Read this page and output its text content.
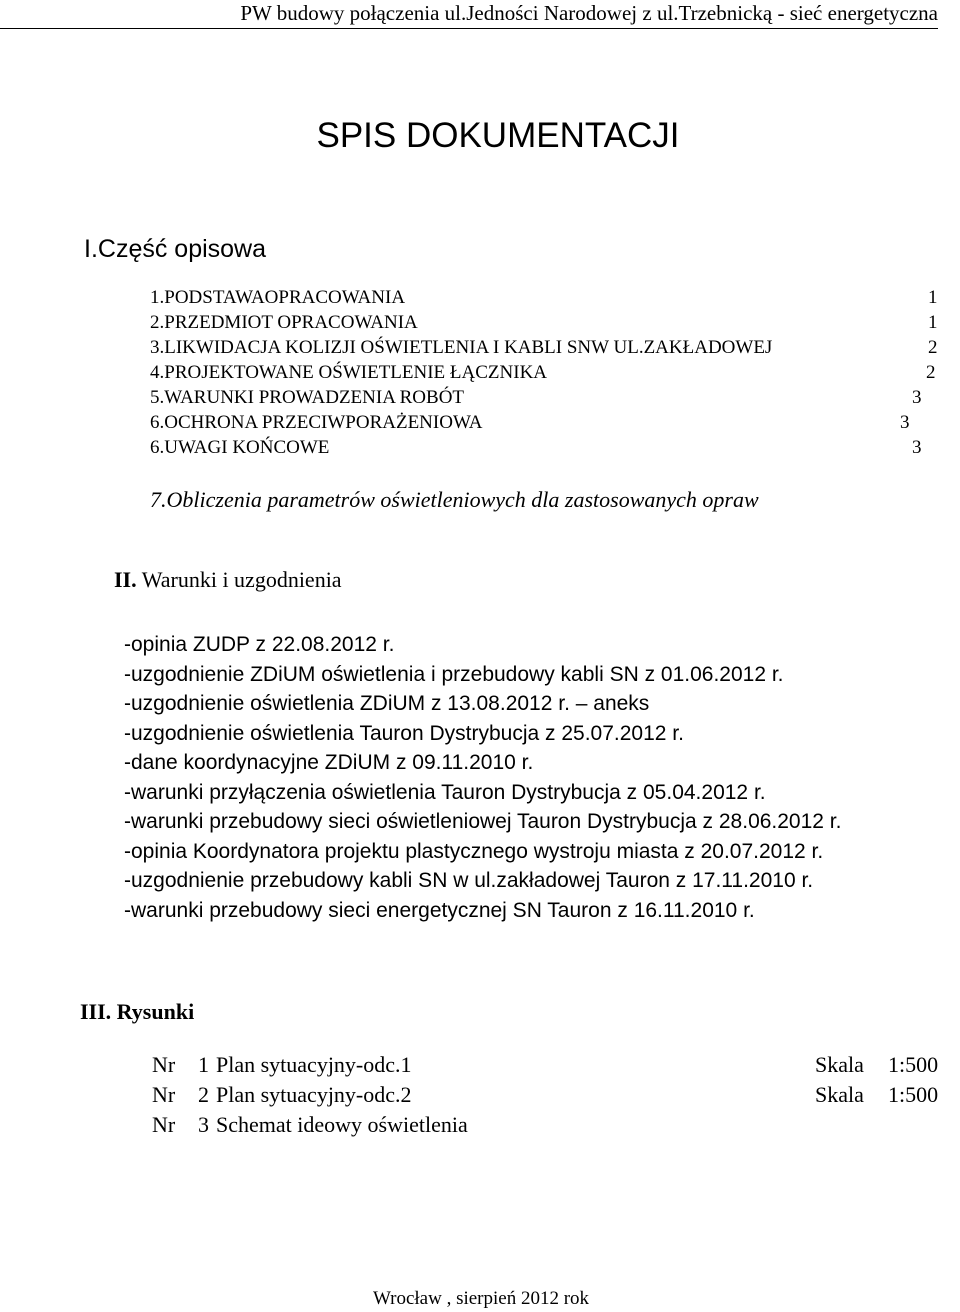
PW budowy połączenia ul.Jedności Narodowej z ul.Trzebnicką - sieć energetyczna
SPIS DOKUMENTACJI
I.Część opisowa
1.PODSTAWAOPRACOWANIA	1
2.PRZEDMIOT OPRACOWANIA	1
3.LIKWIDACJA KOLIZJI OŚWIETLENIA I KABLI SNW UL.ZAKŁADOWEJ	2
4.PROJEKTOWANE OŚWIETLENIE ŁĄCZNIKA	2
5.WARUNKI PROWADZENIA ROBÓT	3
6.OCHRONA PRZECIWPORAŻENIOWA	3
6.UWAGI KOŃCOWE	3
7.Obliczenia parametrów oświetleniowych dla zastosowanych opraw
II. Warunki i uzgodnienia
-opinia ZUDP z 22.08.2012 r.
-uzgodnienie ZDiUM oświetlenia i przebudowy kabli SN z 01.06.2012 r.
-uzgodnienie oświetlenia ZDiUM z 13.08.2012 r. – aneks
-uzgodnienie oświetlenia Tauron Dystrybucja z 25.07.2012 r.
-dane koordynacyjne ZDiUM z 09.11.2010 r.
-warunki przyłączenia oświetlenia Tauron Dystrybucja z 05.04.2012 r.
-warunki przebudowy sieci oświetleniowej Tauron Dystrybucja z 28.06.2012 r.
-opinia Koordynatora projektu plastycznego wystroju miasta z 20.07.2012 r.
-uzgodnienie przebudowy kabli SN w ul.zakładowej Tauron z 17.11.2010 r.
-warunki przebudowy sieci energetycznej SN Tauron z 16.11.2010 r.
III. Rysunki
Nr 1 Plan sytuacyjny-odc.1	Skala 1:500
Nr 2 Plan sytuacyjny-odc.2	Skala 1:500
Nr 3 Schemat ideowy oświetlenia
Wrocław , sierpień 2012 rok
